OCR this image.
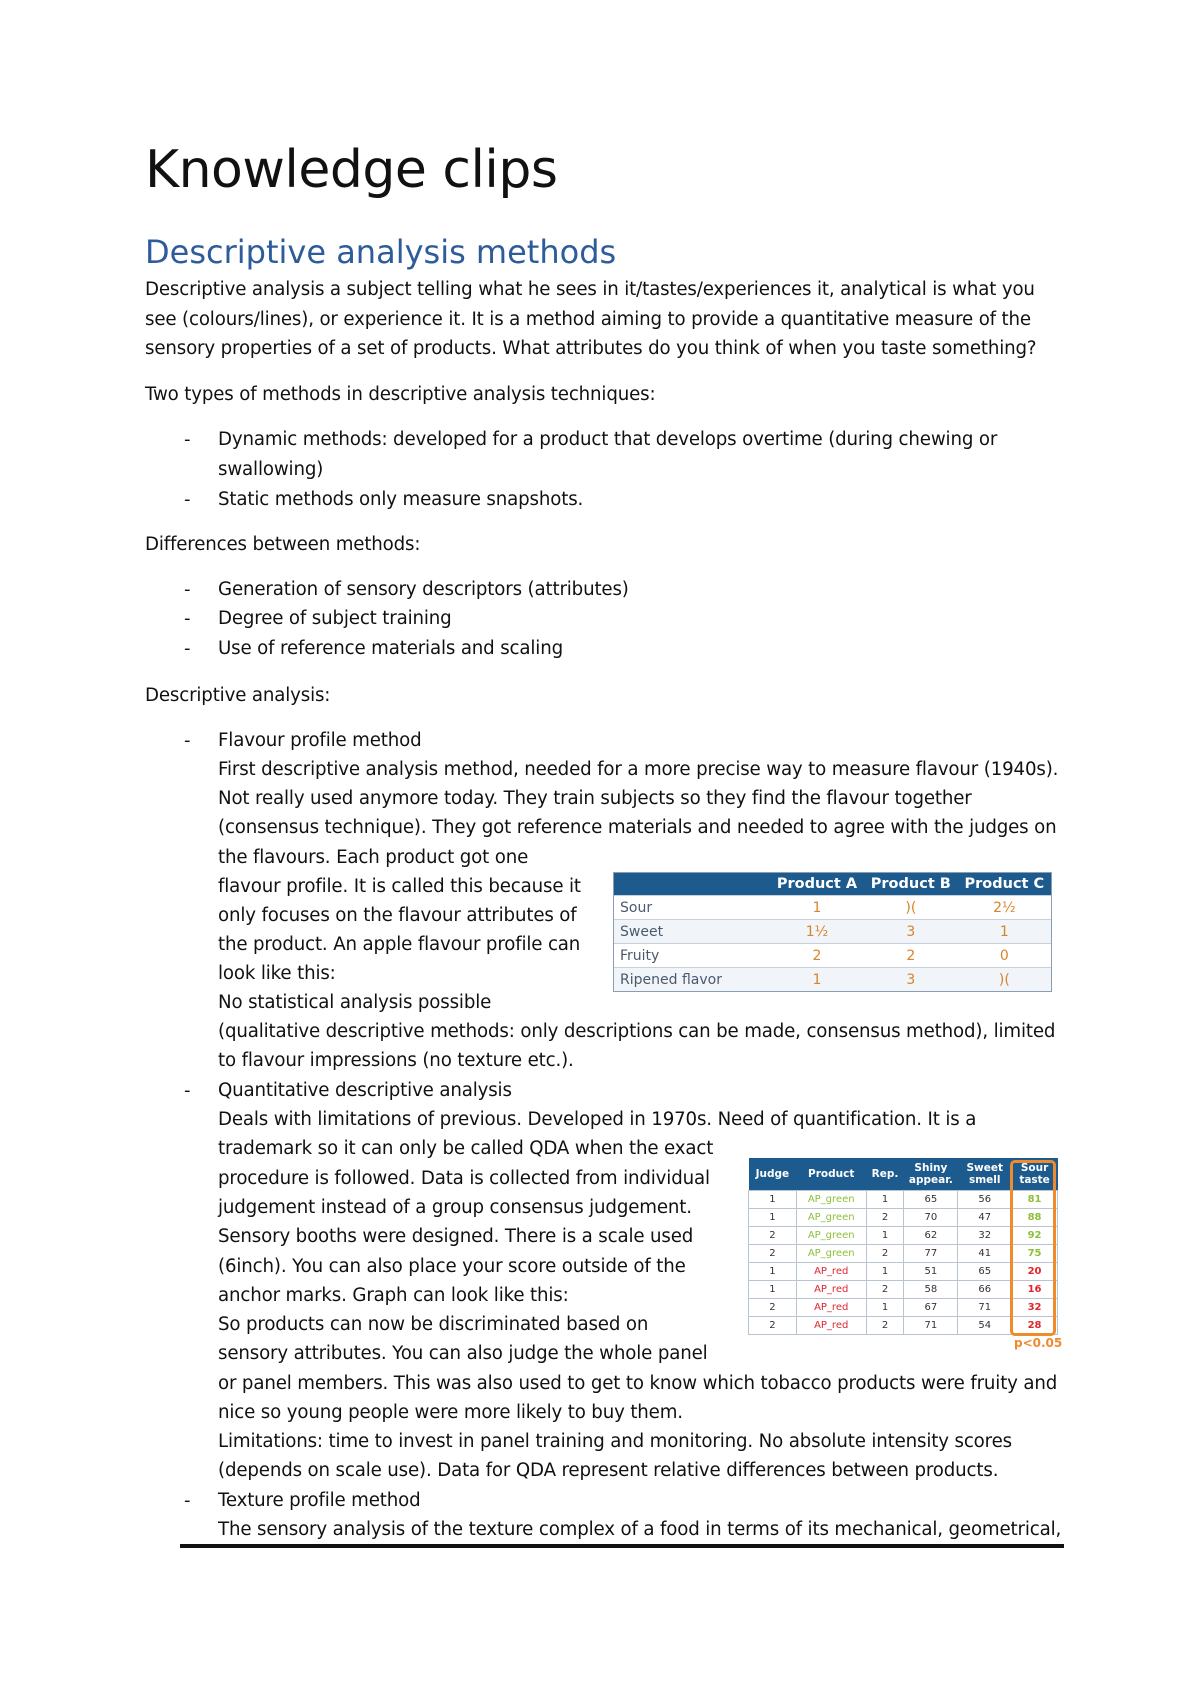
Knowledge clips
Descriptive analysis methods
Descriptive analysis a subject telling what he sees in it/tastes/experiences it, analytical is what you
see (colours/lines), or experience it. It is a method aiming to provide a quantitative measure of the
sensory properties of a set of products. What attributes do you think of when you taste something?
Two types of methods in descriptive analysis techniques:
- Dynamic methods: developed for a product that develops overtime (during chewing or
swallowing)
- Static methods only measure snapshots.
Differences between methods:
- Generation of sensory descriptors (attributes)
- Degree of subject training
- Use of reference materials and scaling
Descriptive analysis:
- Flavour profile method
First descriptive analysis method, needed for a more precise way to measure flavour (1940s).
Not really used anymore today. They train subjects so they find the flavour together
(consensus technique). They got reference materials and needed to agree with the judges on
the flavours. Each product got one
flavour profile. It is called this because it
only focuses on the flavour attributes of
the product. An apple flavour profile can
look like this:
No statistical analysis possible
(qualitative descriptive methods: only descriptions can be made, consensus method), limited
to flavour impressions (no texture etc.).
	Product A	Product B	Product C
Sour	1	)(	2½
Sweet	1½	3	1
Fruity	2	2	0
Ripened flavor	1	3	)(
- Quantitative descriptive analysis
Deals with limitations of previous. Developed in 1970s. Need of quantification. It is a
trademark so it can only be called QDA when the exact
procedure is followed. Data is collected from individual
judgement instead of a group consensus judgement.
Sensory booths were designed. There is a scale used
(6inch). You can also place your score outside of the
anchor marks. Graph can look like this:
So products can now be discriminated based on
sensory attributes. You can also judge the whole panel
or panel members. This was also used to get to know which tobacco products were fruity and
nice so young people were more likely to buy them.
Limitations: time to invest in panel training and monitoring. No absolute intensity scores
(depends on scale use). Data for QDA represent relative differences between products.
Judge	Product	Rep.	Shiny appear.	Sweet smell	Sour taste
1	AP_green	1	65	56	81
1	AP_green	2	70	47	88
2	AP_green	1	62	32	92
2	AP_green	2	77	41	75
1	AP_red	1	51	65	20
1	AP_red	2	58	66	16
2	AP_red	1	67	71	32
2	AP_red	2	71	54	28
p<0.05
- Texture profile method
The sensory analysis of the texture complex of a food in terms of its mechanical, geometrical,
